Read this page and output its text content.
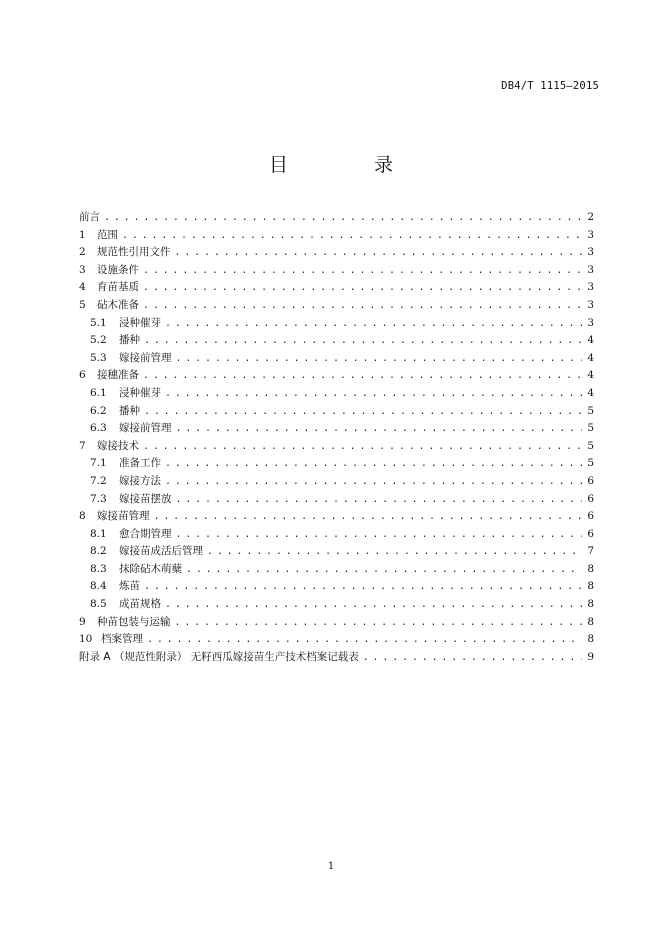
DB4/T 1115—2015
目 录
前言 . . .	2
1	范围 . . .	3
2	规范性引用文件 . . .	3
3	设施条件 . . .	3
4	育苗基质 . . .	3
5	砧木准备 . . .	3
5.1	浸种催芽 . . .	3
5.2	播种 . . .	4
5.3	嫁接前管理 . . .	4
6	接穗准备 . . .	4
6.1	浸种催芽 . . .	4
6.2	播种 . . .	5
6.3	嫁接前管理 . . .	5
7	嫁接技术 . . .	5
7.1	准备工作 . . .	5
7.2	嫁接方法 . . .	6
7.3	嫁接苗摆放 . . .	6
8	嫁接苗管理 . . .	6
8.1	愈合期管理 . . .	6
8.2	嫁接苗成活后管理 . . .	7
8.3	抹除砧木萌蘖 . . .	8
8.4	炼苗 . . .	8
8.5	成苗规格 . . .	8
9	种苗包装与运输 . . .	8
10 档案管理 . . .	8
附录 A （规范性附录） 无籽西瓜嫁接苗生产技术档案记载表 . . .	9
1
